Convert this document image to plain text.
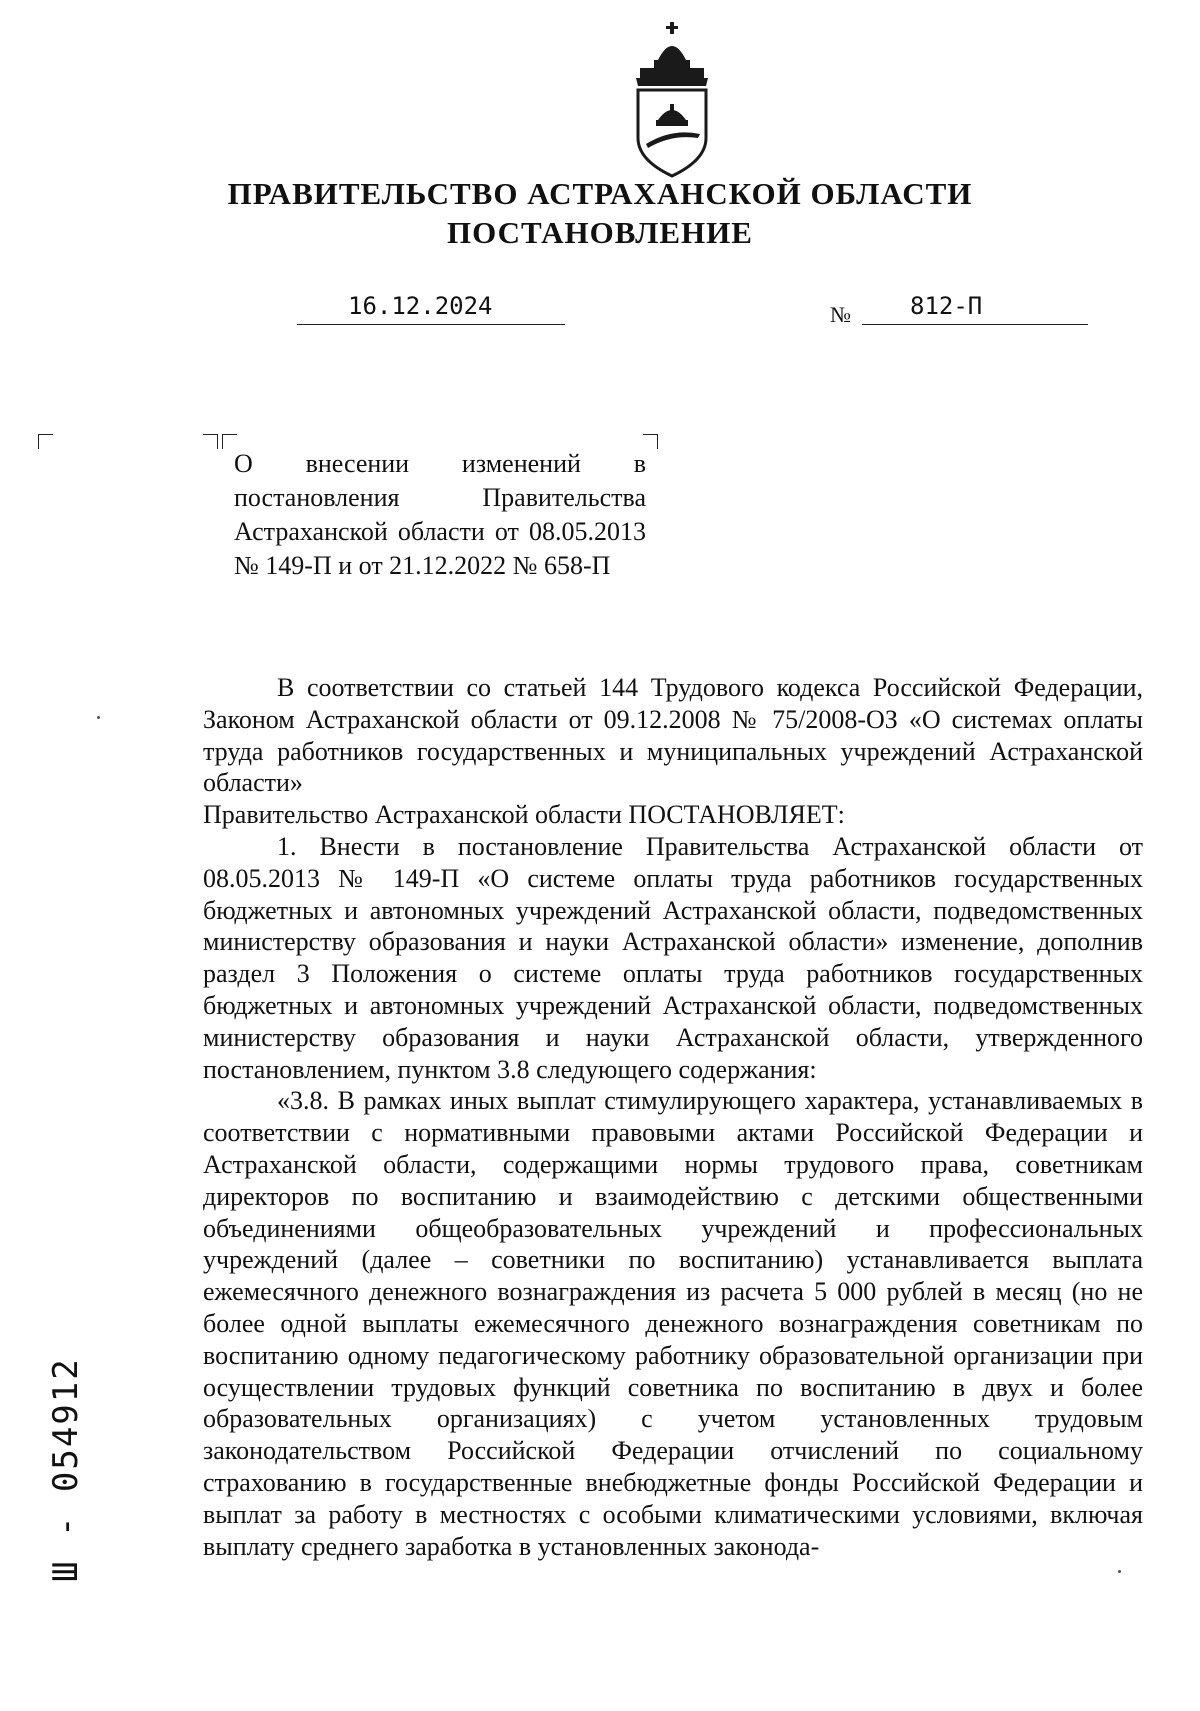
ПРАВИТЕЛЬСТВО АСТРАХАНСКОЙ ОБЛАСТИ
ПОСТАНОВЛЕНИЕ
16.12.2024	№ 812-П
О внесении изменений в постановления Правительства Астраханской области от 08.05.2013 № 149-П и от 21.12.2022 № 658-П

В соответствии со статьей 144 Трудового кодекса Российской Федерации, Законом Астраханской области от 09.12.2008 № 75/2008-ОЗ «О системах оплаты труда работников государственных и муниципальных учреждений Астраханской области»

Правительство Астраханской области ПОСТАНОВЛЯЕТ:

1. Внести в постановление Правительства Астраханской области от 08.05.2013 № 149-П «О системе оплаты труда работников государственных бюджетных и автономных учреждений Астраханской области, подведомственных министерству образования и науки Астраханской области» изменение, дополнив раздел 3 Положения о системе оплаты труда работников государственных бюджетных и автономных учреждений Астраханской области, подведомственных министерству образования и науки Астраханской области, утвержденного постановлением, пунктом 3.8 следующего содержания:

«3.8. В рамках иных выплат стимулирующего характера, устанавливаемых в соответствии с нормативными правовыми актами Российской Федерации и Астраханской области, содержащими нормы трудового права, советникам директоров по воспитанию и взаимодействию с детскими общественными объединениями общеобразовательных учреждений и профессиональных учреждений (далее – советники по воспитанию) устанавливается выплата ежемесячного денежного вознаграждения из расчета 5 000 рублей в месяц (но не более одной выплаты ежемесячного денежного вознаграждения советникам по воспитанию одному педагогическому работнику образовательной организации при осуществлении трудовых функций советника по воспитанию в двух и более образовательных организациях) с учетом установленных трудовым законодательством Российской Федерации отчислений по социальному страхованию в государственные внебюджетные фонды Российской Федерации и выплат за работу в местностях с особыми климатическими условиями, включая выплату среднего заработка в установленных законода-

Ш - 054912
